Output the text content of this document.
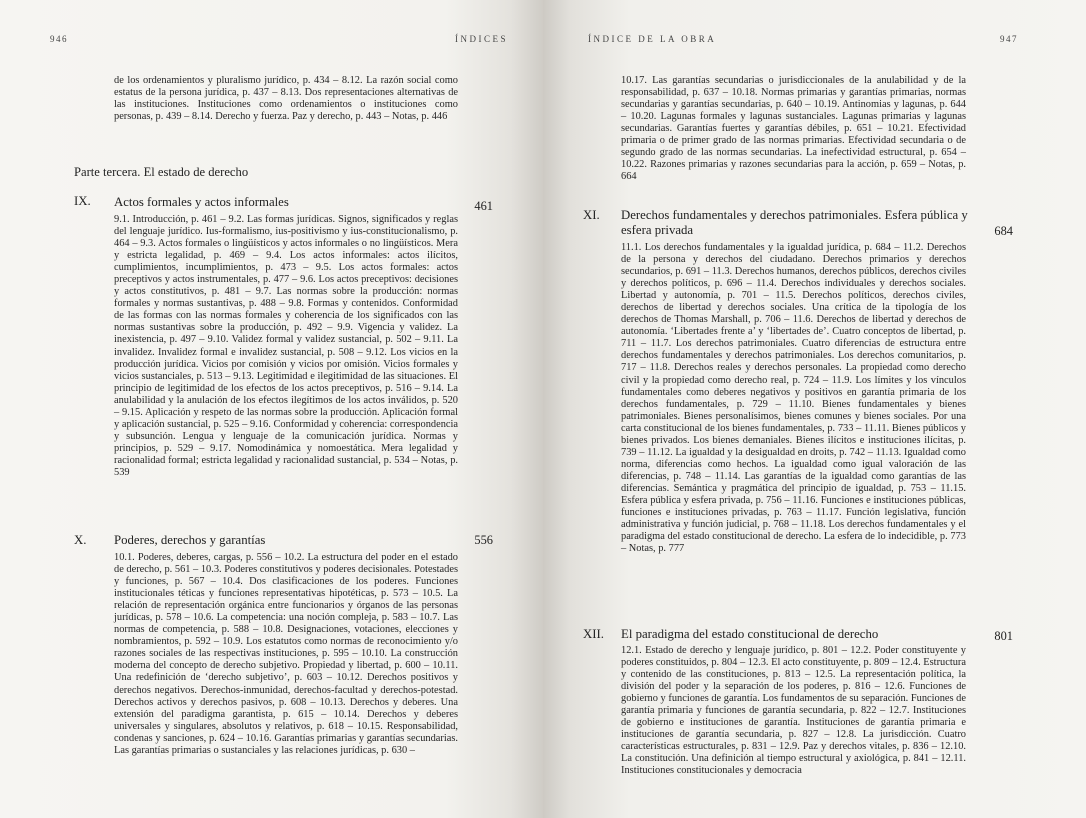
946	ÍNDICES

de los ordenamientos y pluralismo jurídico, p. 434 – 8.12. La razón social como estatus de la persona jurídica, p. 437 – 8.13. Dos representaciones alternativas de las instituciones. Instituciones como ordenamientos o instituciones como personas, p. 439 – 8.14. Derecho y fuerza. Paz y derecho, p. 443 – Notas, p. 446

Parte tercera. El estado de derecho
IX. Actos formales y actos informales	461

9.1. Introducción, p. 461 – 9.2. Las formas jurídicas. Signos, significados y reglas del lenguaje jurídico. Ius-formalismo, ius-positivismo y ius-constitucionalismo, p. 464 – 9.3. Actos formales o lingüísticos y actos informales o no lingüísticos. Mera y estricta legalidad, p. 469 – 9.4. Los actos informales: actos ilícitos, cumplimientos, incumplimientos, p. 473 – 9.5. Los actos formales: actos preceptivos y actos instrumentales, p. 477 – 9.6. Los actos preceptivos: decisiones y actos constitutivos, p. 481 – 9.7. Las normas sobre la producción: normas formales y normas sustantivas, p. 488 – 9.8. Formas y contenidos. Conformidad de las formas con las normas formales y coherencia de los significados con las normas sustantivas sobre la producción, p. 492 – 9.9. Vigencia y validez. La inexistencia, p. 497 – 9.10. Validez formal y validez sustancial, p. 502 – 9.11. La invalidez. Invalidez formal e invalidez sustancial, p. 508 – 9.12. Los vicios en la producción jurídica. Vicios por comisión y vicios por omisión. Vicios formales y vicios sustanciales, p. 513 – 9.13. Legitimidad e ilegitimidad de las situaciones. El principio de legitimidad de los efectos de los actos preceptivos, p. 516 – 9.14. La anulabilidad y la anulación de los efectos ilegítimos de los actos inválidos, p. 520 – 9.15. Aplicación y respeto de las normas sobre la producción. Aplicación formal y aplicación sustancial, p. 525 – 9.16. Conformidad y coherencia: correspondencia y subsunción. Lengua y lenguaje de la comunicación jurídica. Normas y principios, p. 529 – 9.17. Nomodinámica y nomoestática. Mera legalidad y racionalidad formal; estricta legalidad y racionalidad sustancial, p. 534 – Notas, p. 539

X. Poderes, derechos y garantías	556

10.1. Poderes, deberes, cargas, p. 556 – 10.2. La estructura del poder en el estado de derecho, p. 561 – 10.3. Poderes constitutivos y poderes decisionales. Potestades y funciones, p. 567 – 10.4. Dos clasificaciones de los poderes. Funciones institucionales téticas y funciones representativas hipotéticas, p. 573 – 10.5. La relación de representación orgánica entre funcionarios y órganos de las personas jurídicas, p. 578 – 10.6. La competencia: una noción compleja, p. 583 – 10.7. Las normas de competencia, p. 588 – 10.8. Designaciones, votaciones, elecciones y nombramientos, p. 592 – 10.9. Los estatutos como normas de reconocimiento y/o razones sociales de las respectivas instituciones, p. 595 – 10.10. La construcción moderna del concepto de derecho subjetivo. Propiedad y libertad, p. 600 – 10.11. Una redefinición de ‘derecho subjetivo’, p. 603 – 10.12. Derechos positivos y derechos negativos. Derechos-inmunidad, derechos-facultad y derechos-potestad. Derechos activos y derechos pasivos, p. 608 – 10.13. Derechos y deberes. Una extensión del paradigma garantista, p. 615 – 10.14. Derechos y deberes universales y singulares, absolutos y relativos, p. 618 – 10.15. Responsabilidad, condenas y sanciones, p. 624 – 10.16. Garantías primarias y garantías secundarias. Las garantías primarias o sustanciales y las relaciones jurídicas, p. 630 –

ÍNDICE DE LA OBRA	947

10.17. Las garantías secundarias o jurisdiccionales de la anulabilidad y de la responsabilidad, p. 637 – 10.18. Normas primarias y garantías primarias, normas secundarias y garantías secundarias, p. 640 – 10.19. Antinomias y lagunas, p. 644 – 10.20. Lagunas formales y lagunas sustanciales. Lagunas primarias y lagunas secundarias. Garantías fuertes y garantías débiles, p. 651 – 10.21. Efectividad primaria o de primer grado de las normas primarias. Efectividad secundaria o de segundo grado de las normas secundarias. La inefectividad estructural, p. 654 – 10.22. Razones primarias y razones secundarias para la acción, p. 659 – Notas, p. 664

XI. Derechos fundamentales y derechos patrimoniales. Esfera pública y esfera privada	684

11.1. Los derechos fundamentales y la igualdad jurídica, p. 684 – 11.2. Derechos de la persona y derechos del ciudadano. Derechos primarios y derechos secundarios, p. 691 – 11.3. Derechos humanos, derechos públicos, derechos civiles y derechos políticos, p. 696 – 11.4. Derechos individuales y derechos sociales. Libertad y autonomía, p. 701 – 11.5. Derechos políticos, derechos civiles, derechos de libertad y derechos sociales. Una crítica de la tipología de los derechos de Thomas Marshall, p. 706 – 11.6. Derechos de libertad y derechos de autonomía. ‘Libertades frente a’ y ‘libertades de’. Cuatro conceptos de libertad, p. 711 – 11.7. Los derechos patrimoniales. Cuatro diferencias de estructura entre derechos fundamentales y derechos patrimoniales. Los derechos comunitarios, p. 717 – 11.8. Derechos reales y derechos personales. La propiedad como derecho civil y la propiedad como derecho real, p. 724 – 11.9. Los límites y los vínculos fundamentales como deberes negativos y positivos en garantía primaria de los derechos fundamentales, p. 729 – 11.10. Bienes fundamentales y bienes patrimoniales. Bienes personalísimos, bienes comunes y bienes sociales. Por una carta constitucional de los bienes fundamentales, p. 733 – 11.11. Bienes públicos y bienes privados. Los bienes demaniales. Bienes ilícitos e instituciones ilícitas, p. 739 – 11.12. La igualdad y la desigualdad en droits, p. 742 – 11.13. Igualdad como norma, diferencias como hechos. La igualdad como igual valoración de las diferencias, p. 748 – 11.14. Las garantías de la igualdad como garantías de las diferencias. Semántica y pragmática del principio de igualdad, p. 753 – 11.15. Esfera pública y esfera privada, p. 756 – 11.16. Funciones e instituciones públicas, funciones e instituciones privadas, p. 763 – 11.17. Función legislativa, función administrativa y función judicial, p. 768 – 11.18. Los derechos fundamentales y el paradigma del estado constitucional de derecho. La esfera de lo indecidible, p. 773 – Notas, p. 777

XII. El paradigma del estado constitucional de derecho	801

12.1. Estado de derecho y lenguaje jurídico, p. 801 – 12.2. Poder constituyente y poderes constituidos, p. 804 – 12.3. El acto constituyente, p. 809 – 12.4. Estructura y contenido de las constituciones, p. 813 – 12.5. La representación política, la división del poder y la separación de los poderes, p. 816 – 12.6. Funciones de gobierno y funciones de garantía. Los fundamentos de su separación. Funciones de garantía primaria y funciones de garantía secundaria, p. 822 – 12.7. Instituciones de gobierno e instituciones de garantía. Instituciones de garantía primaria e instituciones de garantía secundaria, p. 827 – 12.8. La jurisdicción. Cuatro características estructurales, p. 831 – 12.9. Paz y derechos vitales, p. 836 – 12.10. La constitución. Una definición al tiempo estructural y axiológica, p. 841 – 12.11. Instituciones constitucionales y democracia
